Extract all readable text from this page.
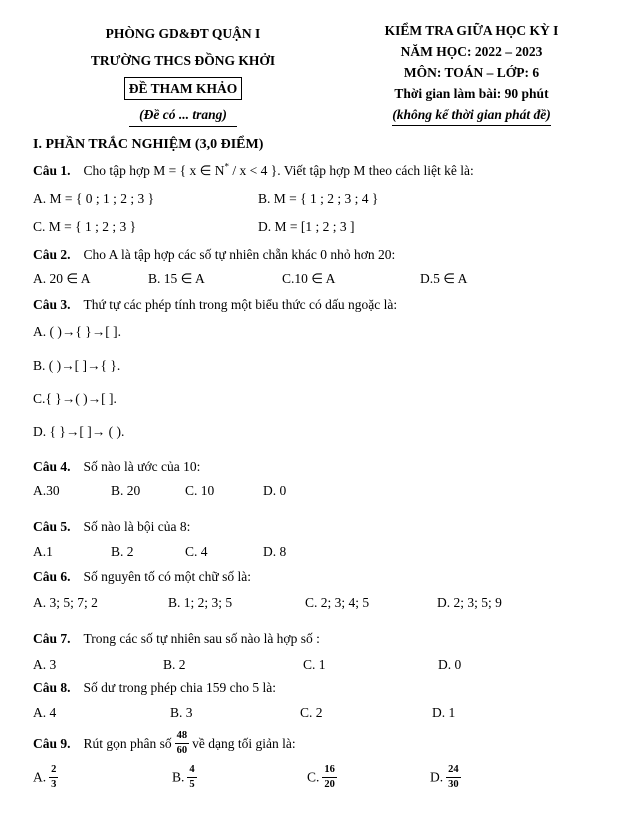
PHÒNG GD&ĐT QUẬN I
TRƯỜNG THCS ĐỒNG KHỞI
ĐỀ THAM KHẢO
(Đề có ... trang)
KIỂM TRA GIỮA HỌC KỲ I
NĂM HỌC: 2022 – 2023
MÔN: TOÁN – LỚP: 6
Thời gian làm bài: 90 phút
(không kể thời gian phát đề)

I. PHẦN TRẮC NGHIỆM (3,0 ĐIỂM)

Câu 1. Cho tập hợp M = { x ∈ N* / x < 4 }. Viết tập hợp M theo cách liệt kê là:

A. M = { 0 ; 1 ; 2 ; 3 }	B. M = { 1 ; 2 ; 3 ; 4 }
C. M = { 1 ; 2 ; 3 }	D. M = [1 ; 2 ; 3 ]

Câu 2. Cho A là tập hợp các số tự nhiên chẵn khác 0 nhỏ hơn 20:

A. 20 ∈ A	B. 15 ∈ A	C.10 ∈ A	D.5 ∈ A

Câu 3. Thứ tự các phép tính trong một biểu thức có dấu ngoặc là:

A. ( )→{ }→[ ].
B. ( )→[ ]→{ }.
C.{ }→( )→[ ].
D. { }→[ ]→ ( ).

Câu 4. Số nào là ước của 10:

A.30	B. 20	C. 10	D. 0

Câu 5. Số nào là bội của 8:

A.1	B. 2	C. 4	D. 8

Câu 6. Số nguyên tố có một chữ số là:

A. 3; 5; 7; 2	B. 1; 2; 3; 5	C. 2; 3; 4; 5	D. 2; 3; 5; 9

Câu 7. Trong các số tự nhiên sau số nào là hợp số :

A. 3	B. 2	C. 1	D. 0

Câu 8. Số dư trong phép chia 159 cho 5 là:

A. 4	B. 3	C. 2	D. 1

Câu 9. Rút gọn phân số $\frac{48}{60}$ về dạng tối giản là:

A. $\frac{2}{3}$	B. $\frac{4}{5}$	C. $\frac{16}{20}$	D. $\frac{24}{30}$
